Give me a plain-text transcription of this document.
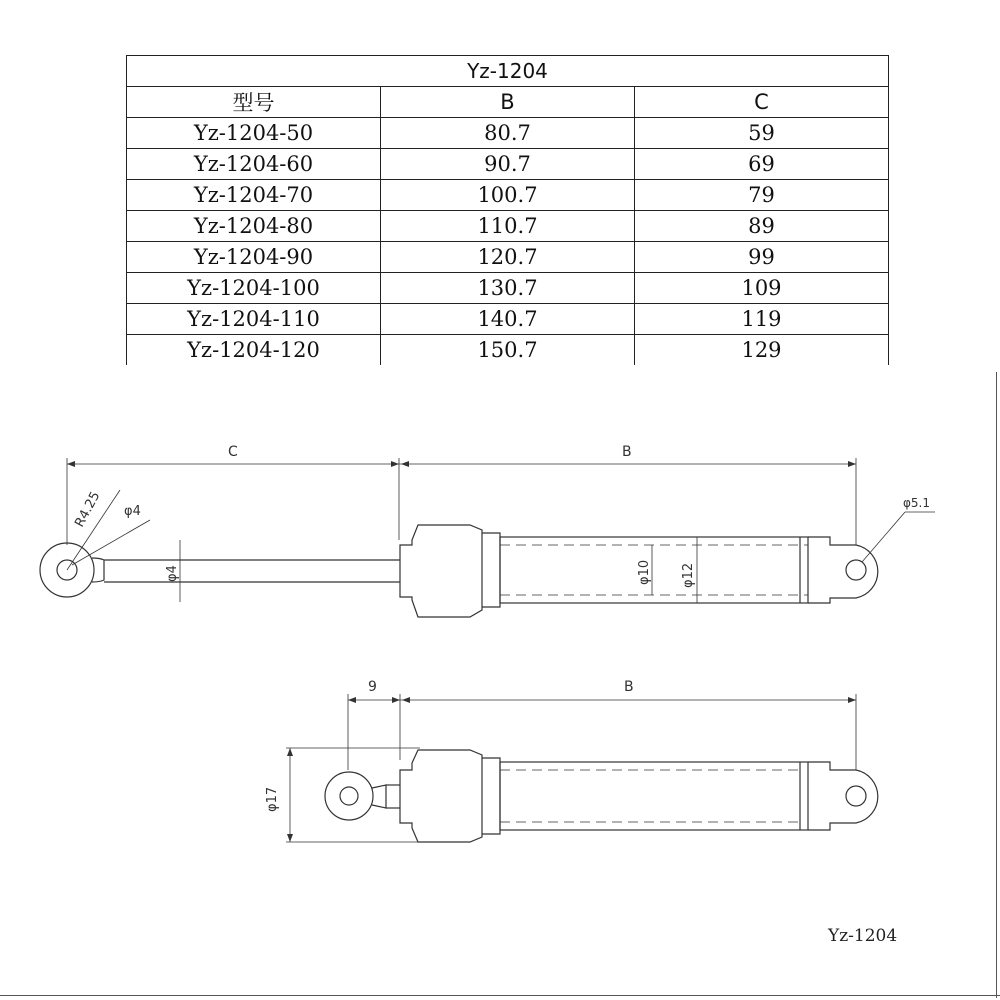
Yz-1204		
型号	B	C
Yz-1204-50	80.7	59
Yz-1204-60	90.7	69
Yz-1204-70	100.7	79
Yz-1204-80	110.7	89
Yz-1204-90	120.7	99
Yz-1204-100	130.7	109
Yz-1204-110	140.7	119
Yz-1204-120	150.7	129
C	B
R4.25 φ4
φ4	φ10 φ12
φ5.1
9	B
φ17
Yz-1204
